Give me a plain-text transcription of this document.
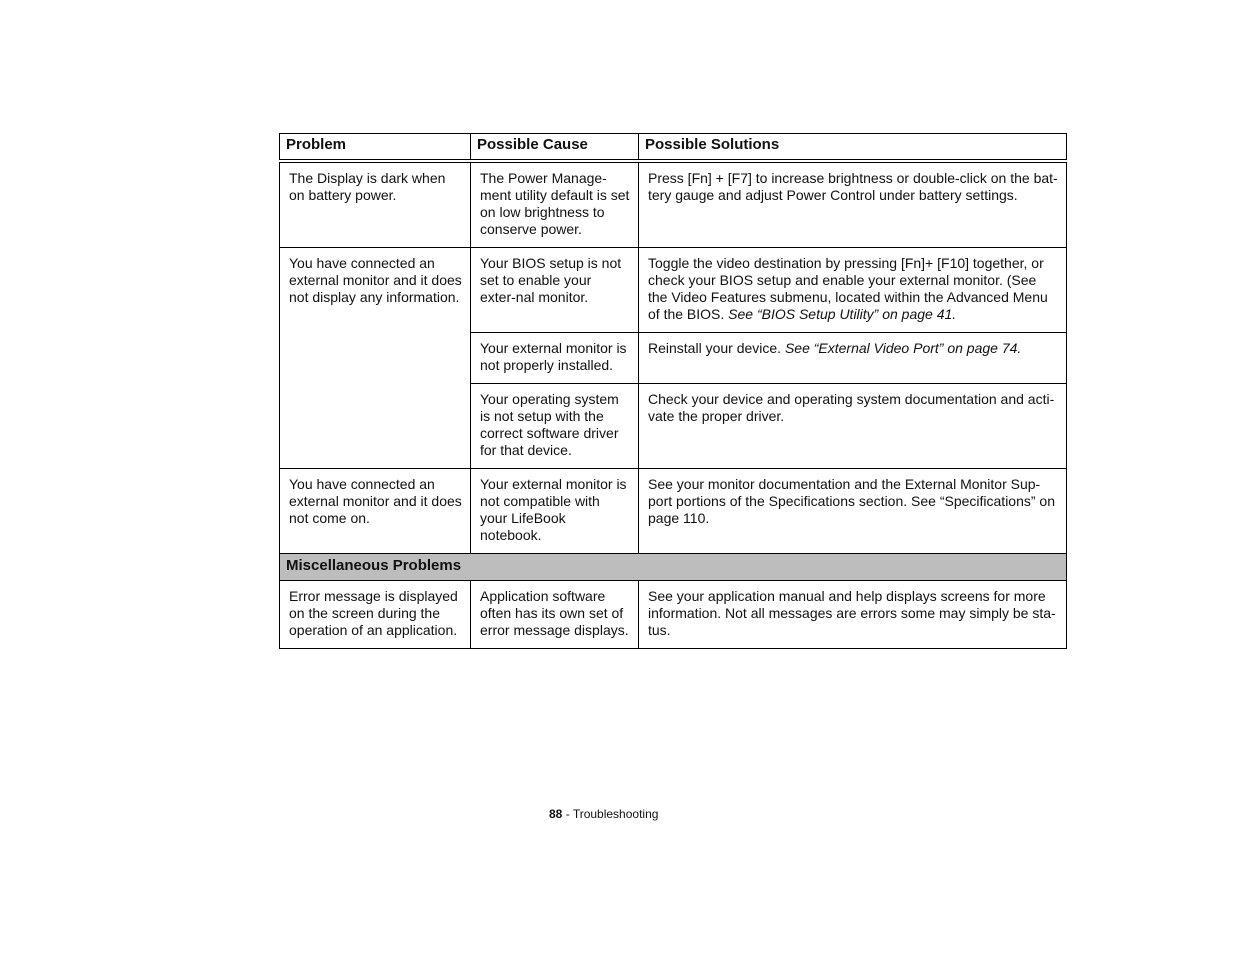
Problem	Possible Cause	Possible Solutions
The Display is dark when on battery power.	The Power Manage-ment utility default is set on low brightness to conserve power.	Press [Fn] + [F7] to increase brightness or double-click on the bat-tery gauge and adjust Power Control under battery settings.
You have connected an external monitor and it does not display any information.	Your BIOS setup is not set to enable your exter-nal monitor.	Toggle the video destination by pressing [Fn]+ [F10] together, or check your BIOS setup and enable your external monitor. (See the Video Features submenu, located within the Advanced Menu of the BIOS. See “BIOS Setup Utility” on page 41.
	Your external monitor is not properly installed.	Reinstall your device. See “External Video Port” on page 74.
	Your operating system is not setup with the correct software driver for that device.	Check your device and operating system documentation and acti-vate the proper driver.
You have connected an external monitor and it does not come on.	Your external monitor is not compatible with your LifeBook notebook.	See your monitor documentation and the External Monitor Sup-port portions of the Specifications section. See “Specifications” on page 110.
Miscellaneous Problems		
Error message is displayed on the screen during the operation of an application.	Application software often has its own set of error message displays.	See your application manual and help displays screens for more information. Not all messages are errors some may simply be sta-tus.
88 - Troubleshooting
